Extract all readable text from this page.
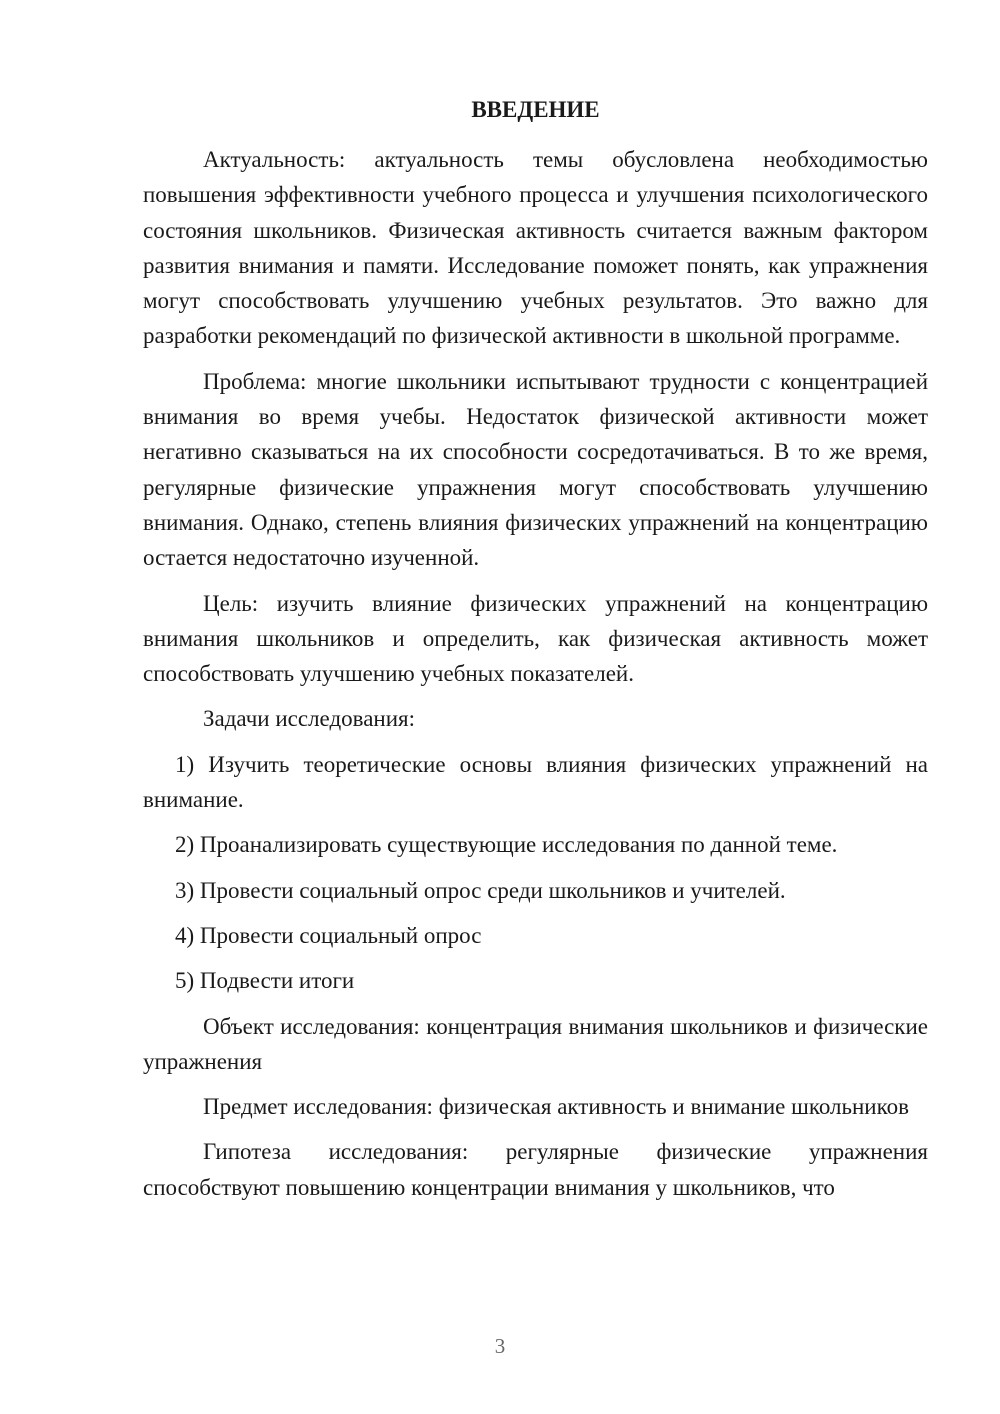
ВВЕДЕНИЕ

Актуальность: актуальность темы обусловлена необходимостью повышения эффективности учебного процесса и улучшения психологического состояния школьников. Физическая активность считается важным фактором развития внимания и памяти. Исследование поможет понять, как упражнения могут способствовать улучшению учебных результатов. Это важно для разработки рекомендаций по физической активности в школьной программе.

Проблема: многие школьники испытывают трудности с концентрацией внимания во время учебы. Недостаток физической активности может негативно сказываться на их способности сосредотачиваться. В то же время, регулярные физические упражнения могут способствовать улучшению внимания. Однако, степень влияния физических упражнений на концентрацию остается недостаточно изученной.

Цель: изучить влияние физических упражнений на концентрацию внимания школьников и определить, как физическая активность может способствовать улучшению учебных показателей.

Задачи исследования:

1) Изучить теоретические основы влияния физических упражнений на внимание.

2) Проанализировать существующие исследования по данной теме.

3) Провести социальный опрос среди школьников и учителей.

4) Провести социальный опрос

5) Подвести итоги

Объект исследования: концентрация внимания школьников и физические упражнения

Предмет исследования: физическая активность и внимание школьников

Гипотеза исследования: регулярные физические упражнения способствуют повышению концентрации внимания у школьников, что

3
